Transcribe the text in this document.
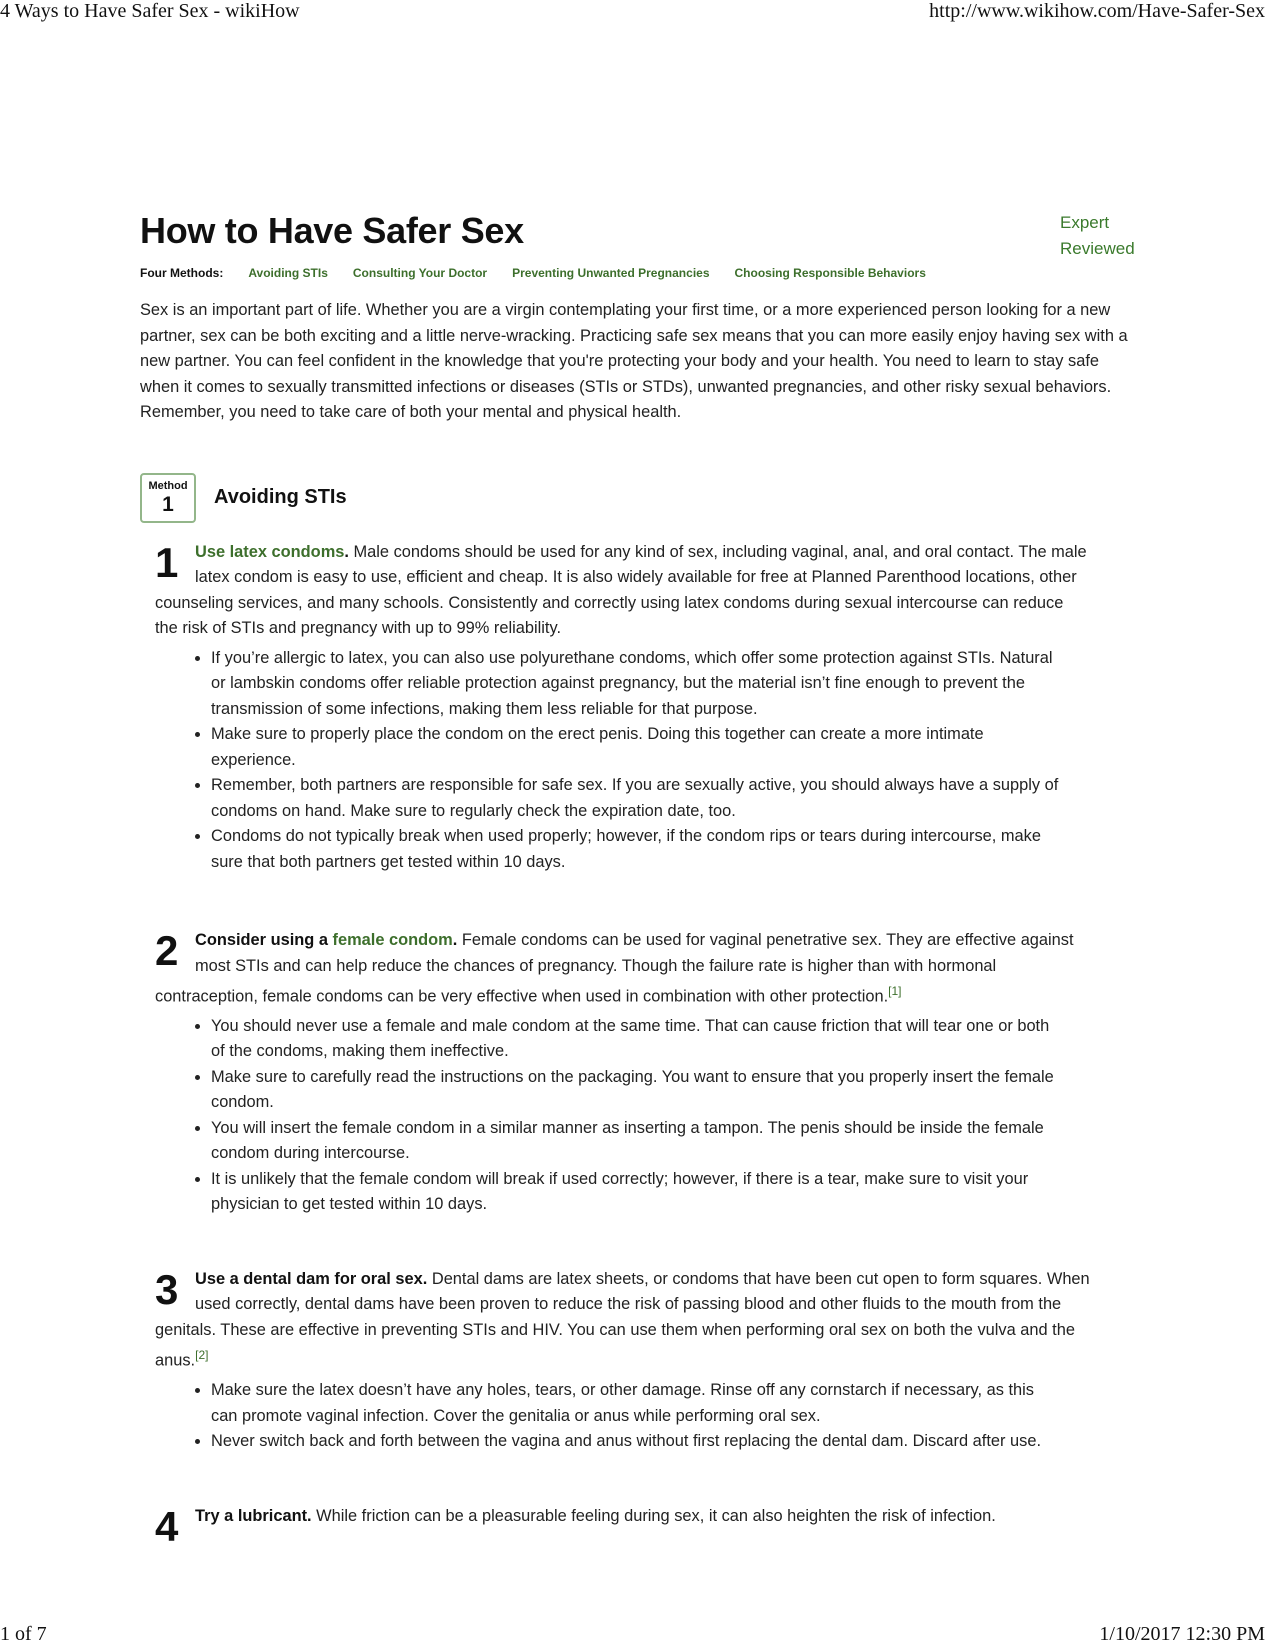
4 Ways to Have Safer Sex - wikiHow	http://www.wikihow.com/Have-Safer-Sex
How to Have Safer Sex	Expert
Reviewed
Four Methods: Avoiding STIs Consulting Your Doctor Preventing Unwanted Pregnancies Choosing Responsible Behaviors

Sex is an important part of life. Whether you are a virgin contemplating your first time, or a more experienced person looking for a new partner, sex can be both exciting and a little nerve-wracking. Practicing safe sex means that you can more easily enjoy having sex with a new partner. You can feel confident in the knowledge that you're protecting your body and your health. You need to learn to stay safe when it comes to sexually transmitted infections or diseases (STIs or STDs), unwanted pregnancies, and other risky sexual behaviors. Remember, you need to take care of both your mental and physical health.

Method
1	Avoiding STIs
1	Use latex condoms. Male condoms should be used for any kind of sex, including vaginal, anal, and oral contact. The male latex condom is easy to use, efficient and cheap. It is also widely available for free at Planned Parenthood locations, other counseling services, and many schools. Consistently and correctly using latex condoms during sexual intercourse can reduce the risk of STIs and pregnancy with up to 99% reliability.
• If you’re allergic to latex, you can also use polyurethane condoms, which offer some protection against STIs. Natural or lambskin condoms offer reliable protection against pregnancy, but the material isn’t fine enough to prevent the transmission of some infections, making them less reliable for that purpose.
• Make sure to properly place the condom on the erect penis. Doing this together can create a more intimate experience.
• Remember, both partners are responsible for safe sex. If you are sexually active, you should always have a supply of condoms on hand. Make sure to regularly check the expiration date, too.
• Condoms do not typically break when used properly; however, if the condom rips or tears during intercourse, make sure that both partners get tested within 10 days.
2	Consider using a female condom. Female condoms can be used for vaginal penetrative sex. They are effective against most STIs and can help reduce the chances of pregnancy. Though the failure rate is higher than with hormonal contraception, female condoms can be very effective when used in combination with other protection.[1]
• You should never use a female and male condom at the same time. That can cause friction that will tear one or both of the condoms, making them ineffective.
• Make sure to carefully read the instructions on the packaging. You want to ensure that you properly insert the female condom.
• You will insert the female condom in a similar manner as inserting a tampon. The penis should be inside the female condom during intercourse.
• It is unlikely that the female condom will break if used correctly; however, if there is a tear, make sure to visit your physician to get tested within 10 days.
3	Use a dental dam for oral sex. Dental dams are latex sheets, or condoms that have been cut open to form squares. When used correctly, dental dams have been proven to reduce the risk of passing blood and other fluids to the mouth from the genitals. These are effective in preventing STIs and HIV. You can use them when performing oral sex on both the vulva and the anus.[2]
• Make sure the latex doesn’t have any holes, tears, or other damage. Rinse off any cornstarch if necessary, as this can promote vaginal infection. Cover the genitalia or anus while performing oral sex.
• Never switch back and forth between the vagina and anus without first replacing the dental dam. Discard after use.
4	Try a lubricant. While friction can be a pleasurable feeling during sex, it can also heighten the risk of infection.
1 of 7	1/10/2017 12:30 PM
